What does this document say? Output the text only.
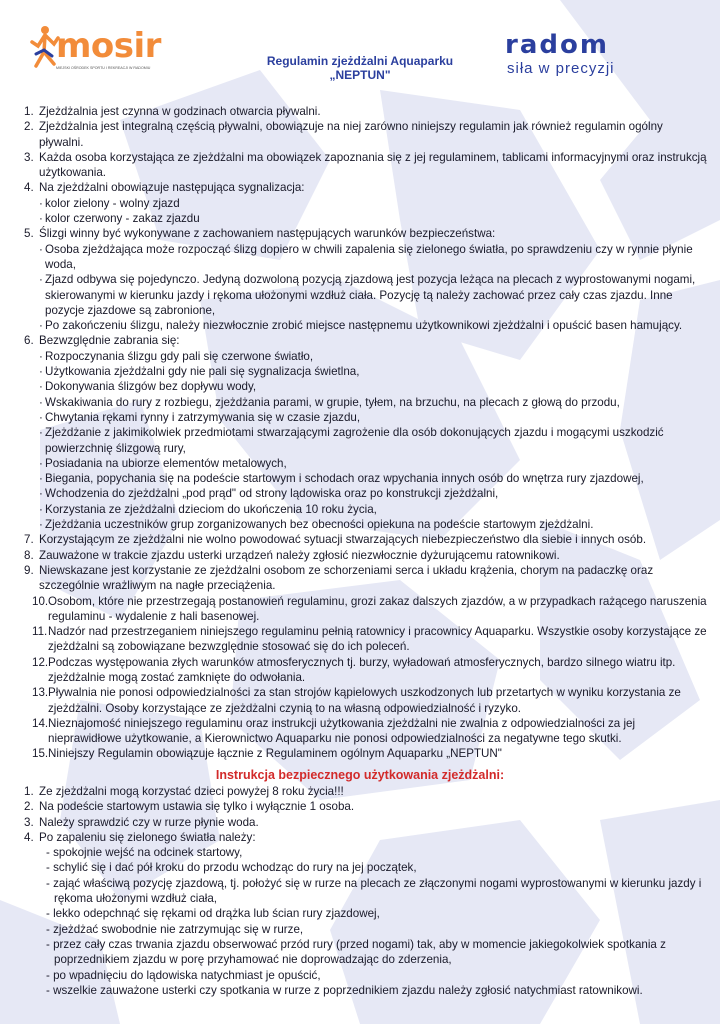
mosir
MIEJSKI OŚRODEK SPORTU I REKREACJI W RADOMIU	Regulamin zjeżdżalni Aquaparku
„NEPTUN"
radom
siła w precyzji
1. Zjeżdżalnia jest czynna w godzinach otwarcia pływalni.
2. Zjeżdżalnia jest integralną częścią pływalni, obowiązuje na niej zarówno niniejszy regulamin jak również regulamin ogólny pływalni.
3. Każda osoba korzystająca ze zjeżdżalni ma obowiązek zapoznania się z jej regulaminem, tablicami informacyjnymi oraz instrukcją użytkowania.
4. Na zjeżdżalni obowiązuje następująca sygnalizacja:
· kolor zielony - wolny zjazd
· kolor czerwony - zakaz zjazdu
5. Ślizgi winny być wykonywane z zachowaniem następujących warunków bezpieczeństwa:
· Osoba zjeżdżająca może rozpocząć ślizg dopiero w chwili zapalenia się zielonego światła, po sprawdzeniu czy w rynnie płynie woda,
· Zjazd odbywa się pojedynczo. Jedyną dozwoloną pozycją zjazdową jest pozycja leżąca na plecach z wyprostowanymi nogami, skierowanymi w kierunku jazdy i rękoma ułożonymi wzdłuż ciała. Pozycję tą należy zachować przez cały czas zjazdu. Inne pozycje zjazdowe są zabronione,
· Po zakończeniu ślizgu, należy niezwłocznie zrobić miejsce następnemu użytkownikowi zjeżdżalni i opuścić basen hamujący.
6. Bezwzględnie zabrania się:
· Rozpoczynania ślizgu gdy pali się czerwone światło,
· Użytkowania zjeżdżalni gdy nie pali się sygnalizacja świetlna,
· Dokonywania ślizgów bez dopływu wody,
· Wskakiwania do rury z rozbiegu, zjeżdżania parami, w grupie, tyłem, na brzuchu, na plecach z głową do przodu,
· Chwytania rękami rynny i zatrzymywania się w czasie zjazdu,
· Zjeżdżanie z jakimikolwiek przedmiotami stwarzającymi zagrożenie dla osób dokonujących zjazdu i mogącymi uszkodzić powierzchnię ślizgową rury,
· Posiadania na ubiorze elementów metalowych,
· Biegania, popychania się na podeście startowym i schodach oraz wpychania innych osób do wnętrza rury zjazdowej,
· Wchodzenia do zjeżdżalni „pod prąd" od strony lądowiska oraz po konstrukcji zjeżdżalni,
· Korzystania ze zjeżdżalni dzieciom do ukończenia 10 roku życia,
· Zjeżdżania uczestników grup zorganizowanych bez obecności opiekuna na podeście startowym zjeżdżalni.
7. Korzystającym ze zjeżdżalni nie wolno powodować sytuacji stwarzających niebezpieczeństwo dla siebie i innych osób.
8. Zauważone w trakcie zjazdu usterki urządzeń należy zgłosić niezwłocznie dyżurującemu ratownikowi.
9. Niewskazane jest korzystanie ze zjeżdżalni osobom ze schorzeniami serca i układu krążenia, chorym na padaczkę oraz szczególnie wrażliwym na nagłe przeciążenia.
10. Osobom, które nie przestrzegają postanowień regulaminu, grozi zakaz dalszych zjazdów, a w przypadkach rażącego naruszenia regulaminu - wydalenie z hali basenowej.
11. Nadzór nad przestrzeganiem niniejszego regulaminu pełnią ratownicy i pracownicy Aquaparku. Wszystkie osoby korzystające ze zjeżdżalni są zobowiązane bezwzględnie stosować się do ich poleceń.
12. Podczas występowania złych warunków atmosferycznych tj. burzy, wyładowań atmosferycznych, bardzo silnego wiatru itp. zjeżdżalnie mogą zostać zamknięte do odwołania.
13. Pływalnia nie ponosi odpowiedzialności za stan strojów kąpielowych uszkodzonych lub przetartych w wyniku korzystania ze zjeżdżalni. Osoby korzystające ze zjeżdżalni czynią to na własną odpowiedzialność i ryzyko.
14. Nieznajomość niniejszego regulaminu oraz instrukcji użytkowania zjeżdżalni nie zwalnia z odpowiedzialności za jej nieprawidłowe użytkowanie, a Kierownictwo Aquaparku nie ponosi odpowiedzialności za negatywne tego skutki.
15. Niniejszy Regulamin obowiązuje łącznie z Regulaminem ogólnym Aquaparku „NEPTUN"
Instrukcja bezpiecznego użytkowania zjeżdżalni:
1. Ze zjeżdżalni mogą korzystać dzieci powyżej 8 roku życia!!!
2. Na podeście startowym ustawia się tylko i wyłącznie 1 osoba.
3. Należy sprawdzić czy w rurze płynie woda.
4. Po zapaleniu się zielonego światła należy:
- spokojnie wejść na odcinek startowy,
- schylić się i dać pół kroku do przodu wchodząc do rury na jej początek,
- zająć właściwą pozycję zjazdową, tj. położyć się w rurze na plecach ze złączonymi nogami wyprostowanymi w kierunku jazdy i rękoma ułożonymi wzdłuż ciała,
- lekko odepchnąć się rękami od drążka lub ścian rury zjazdowej,
- zjeżdżać swobodnie nie zatrzymując się w rurze,
- przez cały czas trwania zjazdu obserwować przód rury (przed nogami) tak, aby w momencie jakiegokolwiek spotkania z poprzednikiem zjazdu w porę przyhamować nie doprowadzając do zderzenia,
- po wpadnięciu do lądowiska natychmiast je opuścić,
- wszelkie zauważone usterki czy spotkania w rurze z poprzednikiem zjazdu należy zgłosić natychmiast ratownikowi.
